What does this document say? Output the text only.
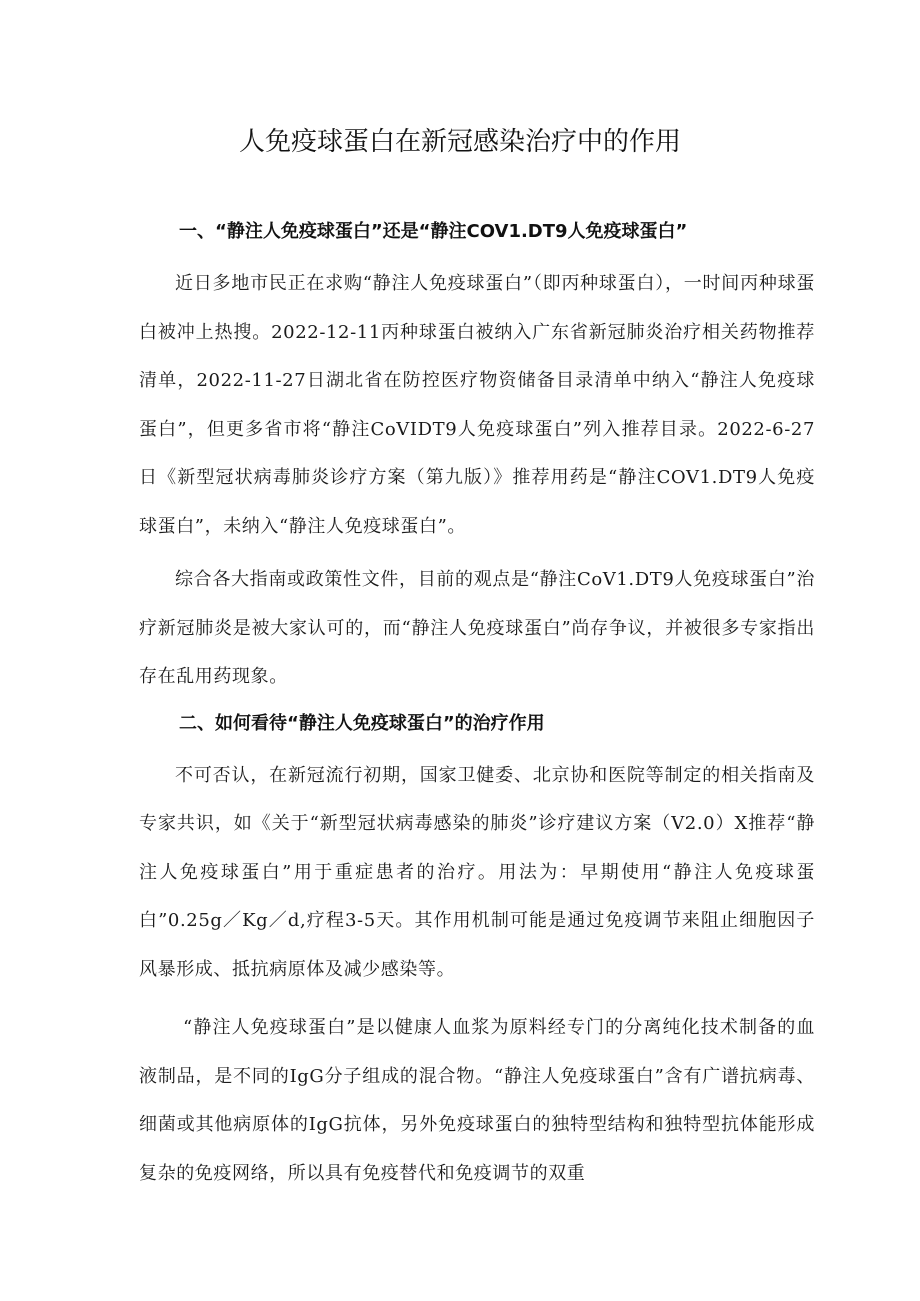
人免疫球蛋白在新冠感染治疗中的作用

一、“静注人免疫球蛋白”还是“静注COV1.DT9人免疫球蛋白”

近日多地市民正在求购“静注人免疫球蛋白”（即丙种球蛋白），一时间丙种球蛋白被冲上热搜。2022-12-11丙种球蛋白被纳入广东省新冠肺炎治疗相关药物推荐清单，2022-11-27日湖北省在防控医疗物资储备目录清单中纳入“静注人免疫球蛋白”，但更多省市将“静注CoVIDT9人免疫球蛋白”列入推荐目录。2022-6-27日《新型冠状病毒肺炎诊疗方案（第九版）》推荐用药是“静注COV1.DT9人免疫球蛋白”，未纳入“静注人免疫球蛋白”。

综合各大指南或政策性文件，目前的观点是“静注CoV1.DT9人免疫球蛋白”治疗新冠肺炎是被大家认可的，而“静注人免疫球蛋白”尚存争议，并被很多专家指出存在乱用药现象。

二、如何看待“静注人免疫球蛋白”的治疗作用

不可否认，在新冠流行初期，国家卫健委、北京协和医院等制定的相关指南及专家共识，如《关于“新型冠状病毒感染的肺炎”诊疗建议方案（V2.0）X推荐“静注人免疫球蛋白”用于重症患者的治疗。用法为：早期使用“静注人免疫球蛋白”0.25g／Kg／d,疗程3-5天。其作用机制可能是通过免疫调节来阻止细胞因子风暴形成、抵抗病原体及减少感染等。

“静注人免疫球蛋白”是以健康人血浆为原料经专门的分离纯化技术制备的血液制品，是不同的IgG分子组成的混合物。“静注人免疫球蛋白”含有广谱抗病毒、细菌或其他病原体的IgG抗体，另外免疫球蛋白的独特型结构和独特型抗体能形成复杂的免疫网络，所以具有免疫替代和免疫调节的双重
